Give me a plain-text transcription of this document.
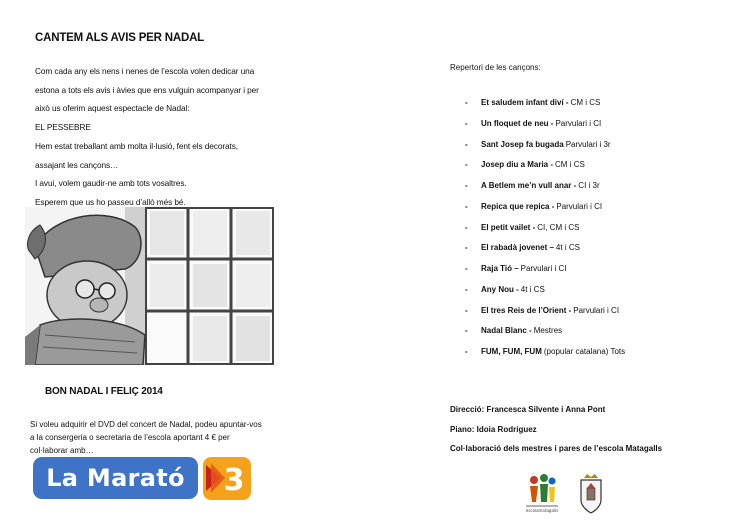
CANTEM ALS AVIS PER NADAL
Com cada any els nens i nenes de l’escola volen dedicar una
estona a tots els avis i àvies que ens vulguin acompanyar i per
això us oferim aquest espectacle de Nadal:
EL PESSEBRE
Hem estat treballant amb molta il·lusió, fent els decorats,
assajant les cançons…
I avui, volem gaudir-ne amb tots vosaltres.
Esperem que us ho passeu d’allò més bé.
BON NADAL I FELIÇ 2014
Si voleu adquirir el DVD del concert de Nadal, podeu apuntar-vos
a la consergeria o secretaria de l’escola aportant 4 € per
col·laborar amb…
La Marató 3
Repertori de les cançons:
-	Et saludem infant diví - CM i CS
-	Un floquet de neu - Parvulari i CI
-	Sant Josep fa bugada Parvulari i 3r
-	Josep diu a Maria - CM i CS
-	A Betlem me’n vull anar - CI i 3r
-	Repica que repica - Parvulari i CI
-	El petit vailet - CI, CM i CS
-	El rabadà jovenet – 4t i CS
-	Raja Tió – Parvulari i CI
-	Any Nou - 4t i CS
-	El tres Reis de l’Orient - Parvulari i CI
-	Nadal Blanc - Mestres
-	FUM, FUM, FUM (popular catalana) Tots
Direcció: Francesca Silvente i Anna Pont
Piano: Idoia Rodríguez
Col·laboració dels mestres i pares de l’escola Matagalls
escolamatagalls
